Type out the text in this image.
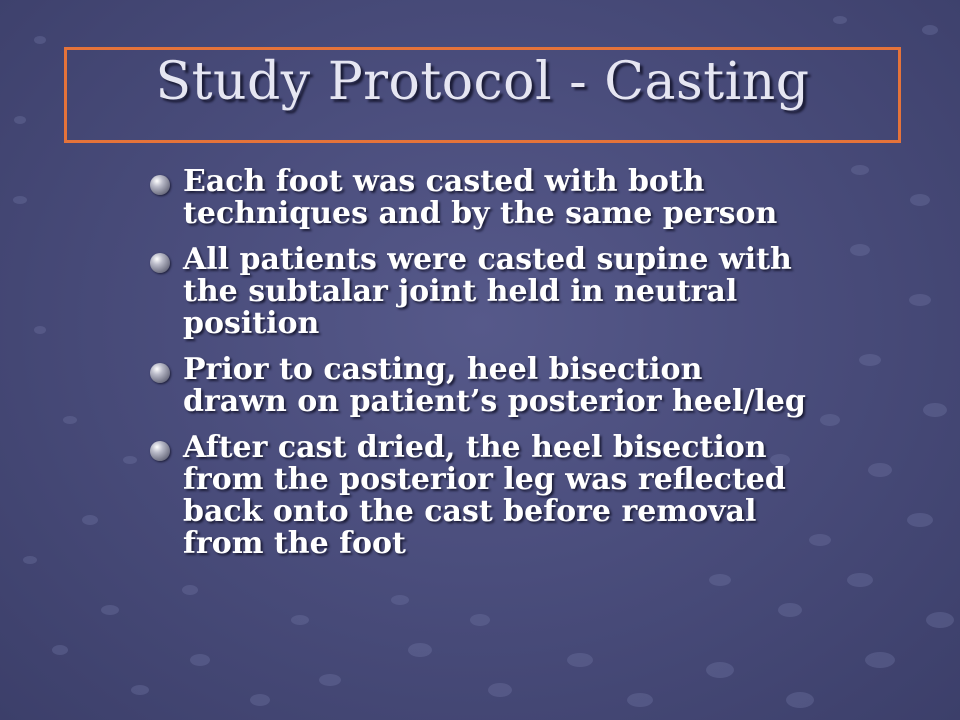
Study Protocol - Casting
Each foot was casted with both techniques and by the same person
All patients were casted supine with the subtalar joint held in neutral position
Prior to casting, heel bisection drawn on patient’s posterior heel/leg
After cast dried, the heel bisection from the posterior leg was reflected back onto the cast before removal from the foot
